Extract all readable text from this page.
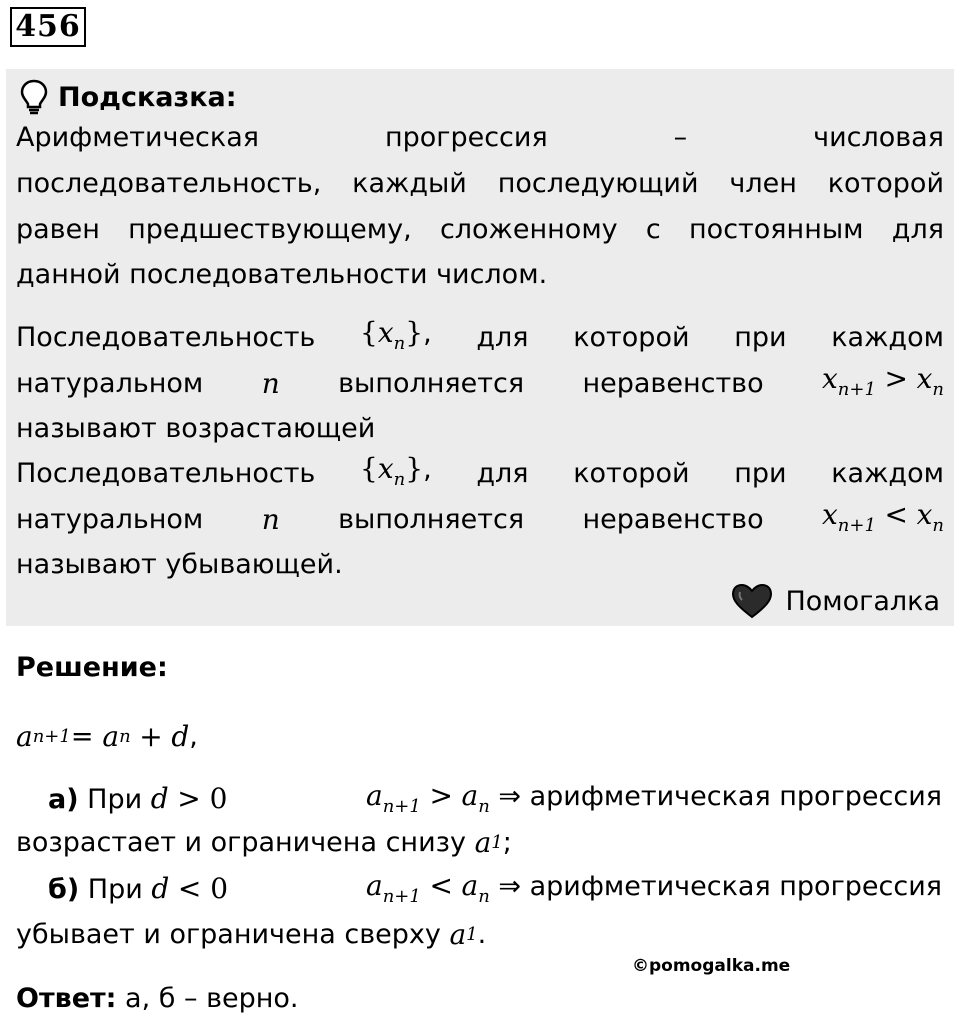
456
Подсказка:
Арифметическая	прогрессия	–	числовая
последовательность, каждый последующий член которой
равен предшествующему, сложенному с постоянным для
данной последовательности числом.
Последовательность $\{x_n\}$, для которой при каждом
натуральном n выполняется неравенство $x_{n+1} > x_n$
называют возрастающей
Последовательность $\{x_n\}$, для которой при каждом
натуральном n выполняется неравенство $x_{n+1} < x_n$
называют убывающей.
Помогалка
Решение:
a n+1 = a n
+
d ,
а) При d > 0	$a_{n+1} > a_n$ ⇒ арифметическая прогрессия
возрастает и ограничена снизу
a 1 ;
б) При d < 0	$a_{n+1} < a_n$ ⇒ арифметическая прогрессия
убывает и ограничена сверху
a 1 .
©pomogalka.me
Ответ:
а, б – верно.
